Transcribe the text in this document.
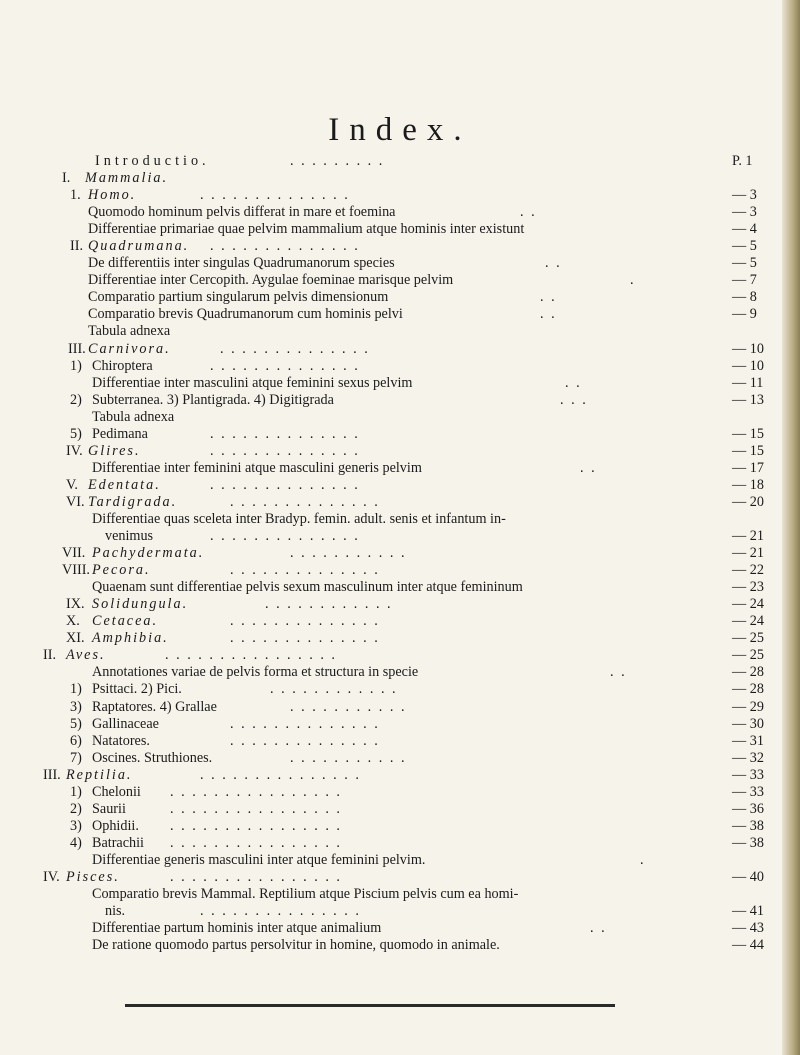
Index.
Introductio.	. . . . . . . . .	P. 1
I. Mammalia.
1. Homo.	. . . . . . . . . . . . . .	— 3
Quomodo hominum pelvis differat in mare et foemina	. .	— 3
Differentiae primariae quae pelvim mammalium atque hominis inter existunt	— 4
II. Quadrumana. . . . . . . . . . . . . . .	— 5
De differentiis inter singulas Quadrumanorum species	. .	— 5
Differentiae inter Cercopith. Aygulae foeminae marisque pelvim	.	— 7
Comparatio partium singularum pelvis dimensionum	. .	— 8
Comparatio brevis Quadrumanorum cum hominis pelvi	. .	— 9
Tabula adnexa
III. Carnivora.	. . . . . . . . . . . . . .	— 10
1) Chiroptera	. . . . . . . . . . . . . .	— 10
Differentiae inter masculini atque feminini sexus pelvim	. .	— 11
2) Subterranea. 3) Plantigrada. 4) Digitigrada	. . .	— 13
Tabula adnexa
5) Pedimana	. . . . . . . . . . . . . .	— 15
IV. Glires.	. . . . . . . . . . . . . .	— 15
Differentiae inter feminini atque masculini generis pelvim	. .	— 17
V. Edentata.	. . . . . . . . . . . . . .	— 18
VI. Tardigrada.	. . . . . . . . . . . . . .	— 20
Differentiae quas sceleta inter Bradyp. femin. adult. senis et infantum in-
venimus	. . . . . . . . . . . . . .	— 21
VII. Pachydermata.	. . . . . . . . . . .	— 21
VIII. Pecora.	. . . . . . . . . . . . . .	— 22
Quaenam sunt differentiae pelvis sexum masculinum inter atque femininum	— 23
IX. Solidungula.	. . . . . . . . . . . .	— 24
X. Cetacea.	. . . . . . . . . . . . . .	— 24
XI. Amphibia.	. . . . . . . . . . . . . .	— 25
II. Aves.	. . . . . . . . . . . . . . . .	— 25
Annotationes variae de pelvis forma et structura in specie	. .	— 28
1) Psittaci. 2) Pici.	. . . . . . . . . . . .	— 28
3) Raptatores. 4) Grallae	. . . . . . . . . . .	— 29
5) Gallinaceae	. . . . . . . . . . . . . .	— 30
6) Natatores.	. . . . . . . . . . . . . .	— 31
7) Oscines. Struthiones.	. . . . . . . . . . .	— 32
III. Reptilia.	. . . . . . . . . . . . . . .	— 33
1) Chelonii . . . . . . . . . . . . . . . .	— 33
2) Saurii	. . . . . . . . . . . . . . . .	— 36
3) Ophidii. . . . . . . . . . . . . . . . .	— 38
4) Batrachii . . . . . . . . . . . . . . . .	— 38
Differentiae generis masculini inter atque feminini pelvim.	.
IV. Pisces.	. . . . . . . . . . . . . . . .	— 40
Comparatio brevis Mammal. Reptilium atque Piscium pelvis cum ea homi-
nis.	. . . . . . . . . . . . . . .	— 41
Differentiae partum hominis inter atque animalium	. .	— 43
De ratione quomodo partus persolvitur in homine, quomodo in animale.	— 44
